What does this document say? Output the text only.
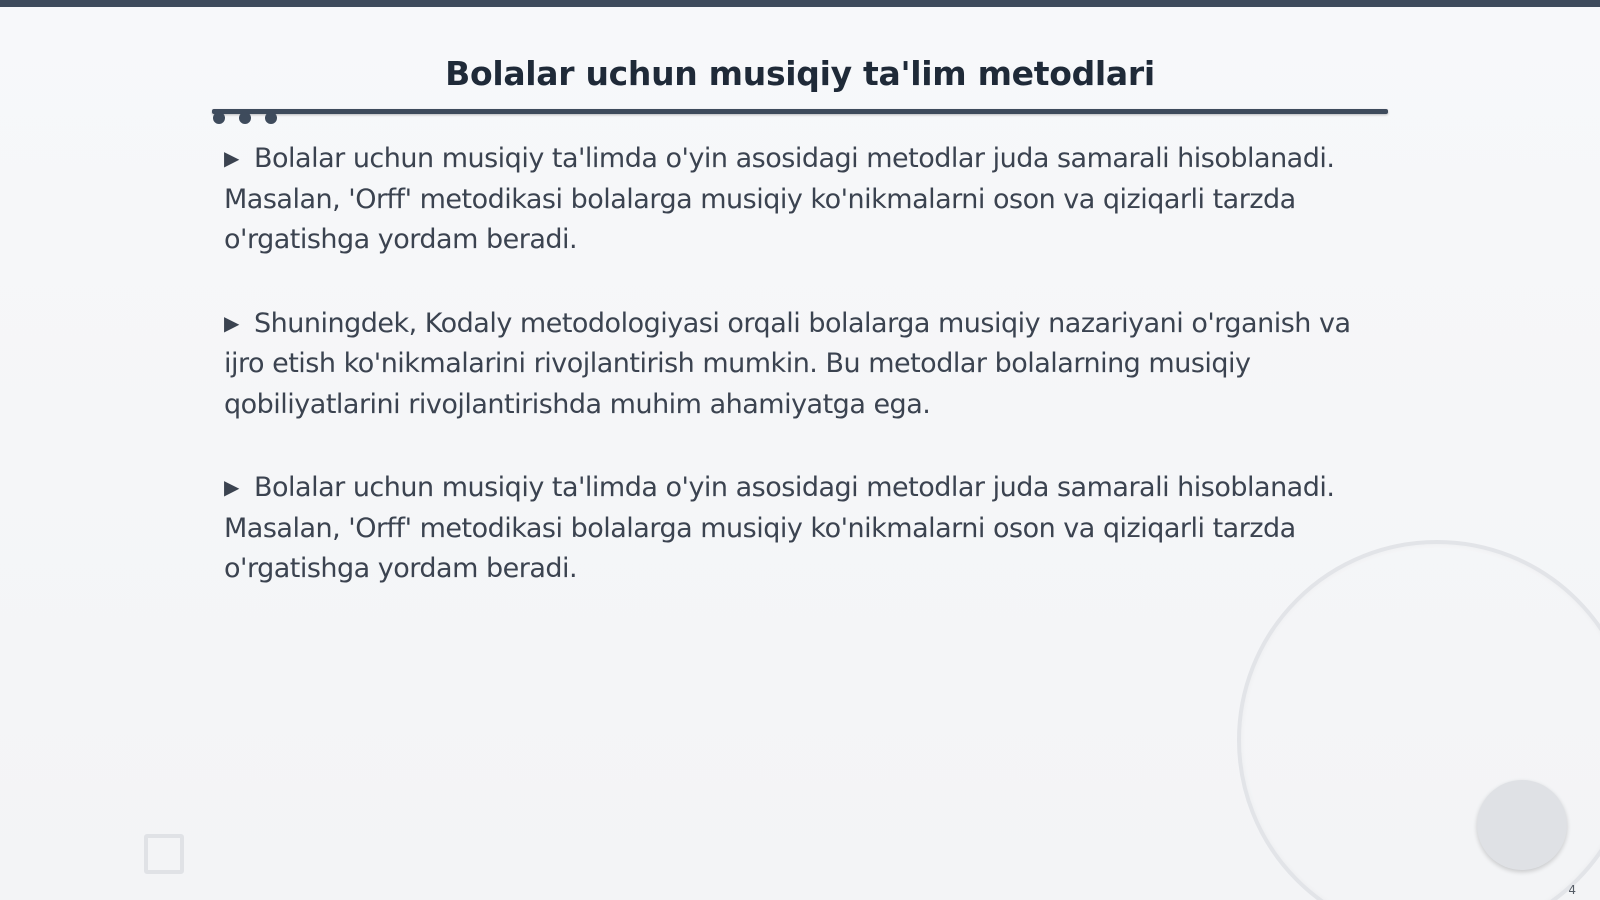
Bolalar uchun musiqiy ta'lim metodlari

▶ Bolalar uchun musiqiy ta'limda o'yin asosidagi metodlar juda samarali hisoblanadi. Masalan, 'Orff' metodikasi bolalarga musiqiy ko'nikmalarni oson va qiziqarli tarzda o'rgatishga yordam beradi.

▶ Shuningdek, Kodaly metodologiyasi orqali bolalarga musiqiy nazariyani o'rganish va ijro etish ko'nikmalarini rivojlantirish mumkin. Bu metodlar bolalarning musiqiy qobiliyatlarini rivojlantirishda muhim ahamiyatga ega.

▶ Bolalar uchun musiqiy ta'limda o'yin asosidagi metodlar juda samarali hisoblanadi. Masalan, 'Orff' metodikasi bolalarga musiqiy ko'nikmalarni oson va qiziqarli tarzda o'rgatishga yordam beradi.

4
